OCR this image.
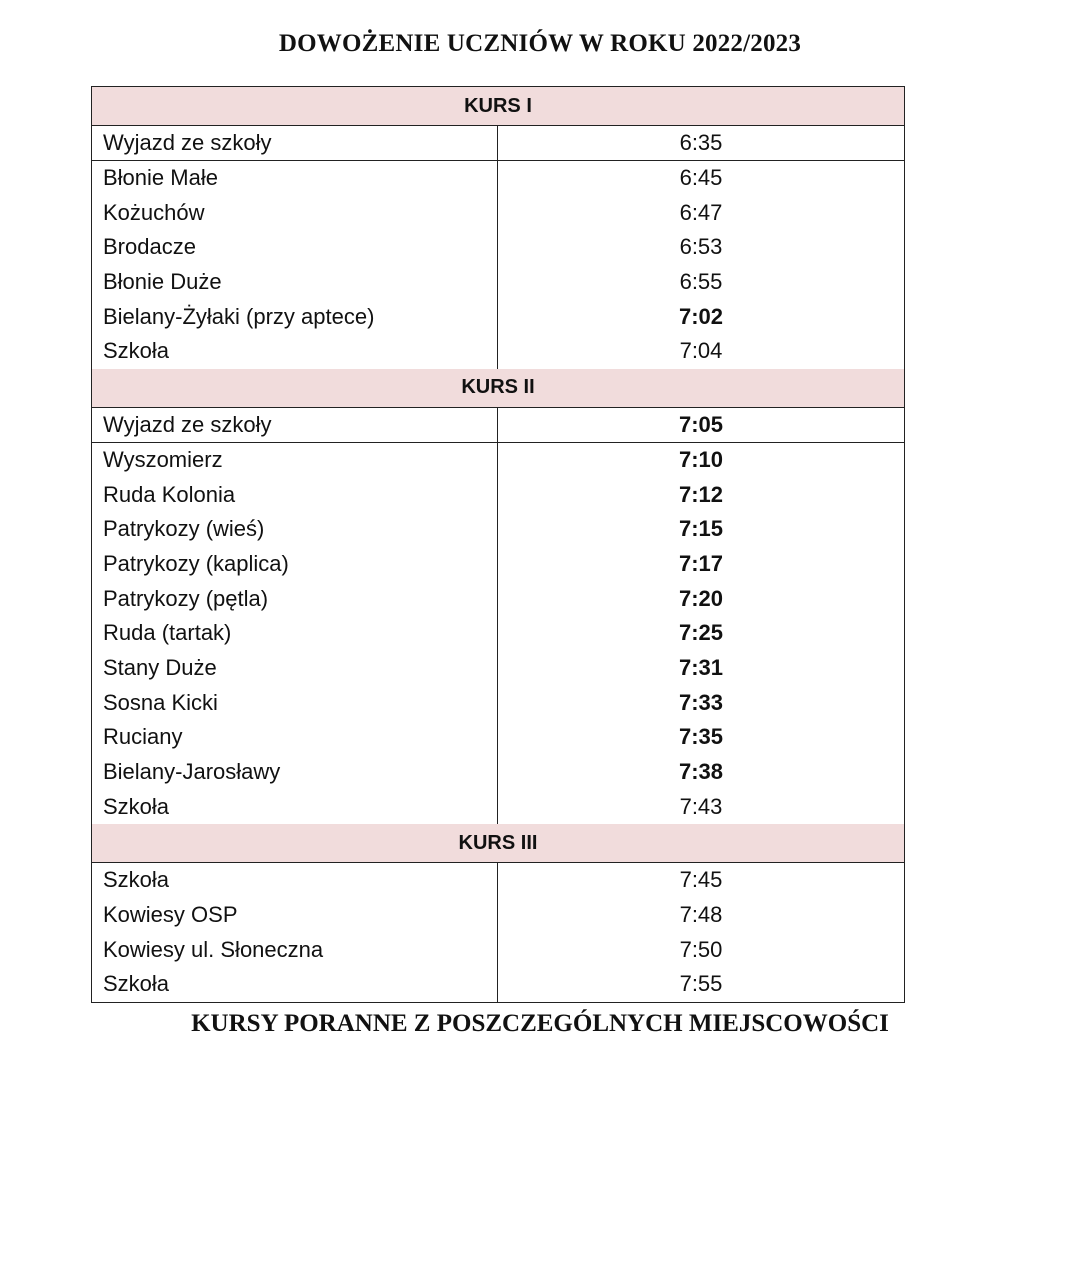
DOWOŻENIE UCZNIÓW W ROKU 2022/2023
KURS I
Wyjazd ze szkoły	6:35
Błonie Małe	6:45
Kożuchów	6:47
Brodacze	6:53
Błonie Duże	6:55
Bielany-Żyłaki (przy aptece)	7:02
Szkoła	7:04
KURS II
Wyjazd ze szkoły	7:05
Wyszomierz	7:10
Ruda Kolonia	7:12
Patrykozy (wieś)	7:15
Patrykozy (kaplica)	7:17
Patrykozy (pętla)	7:20
Ruda (tartak)	7:25
Stany Duże	7:31
Sosna Kicki	7:33
Ruciany	7:35
Bielany-Jarosławy	7:38
Szkoła	7:43
KURS III
Szkoła	7:45
Kowiesy OSP	7:48
Kowiesy ul. Słoneczna	7:50
Szkoła	7:55
KURSY PORANNE Z POSZCZEGÓLNYCH MIEJSCOWOŚCI
